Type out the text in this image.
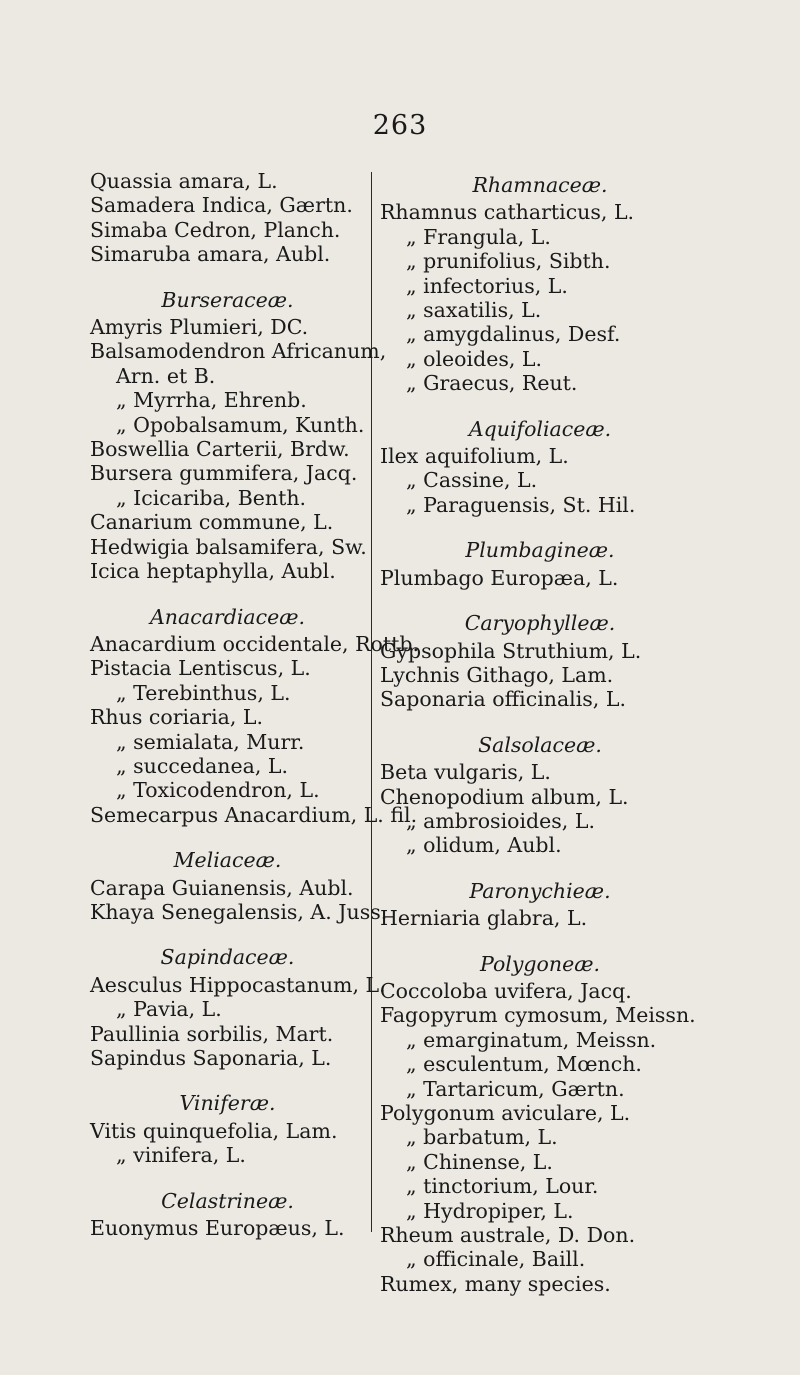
263
Quassia amara, L.
Samadera Indica, Gærtn.
Simaba Cedron, Planch.
Simaruba amara, Aubl.
Burseraceæ.
Amyris Plumieri, DC.
Balsamodendron Africanum,
Arn. et B.
„ Myrrha, Ehrenb.
„ Opobalsamum, Kunth.
Boswellia Carterii, Brdw.
Bursera gummifera, Jacq.
„ Icicariba, Benth.
Canarium commune, L.
Hedwigia balsamifera, Sw.
Icica heptaphylla, Aubl.
Anacardiaceæ.
Anacardium occidentale, Rottb.
Pistacia Lentiscus, L.
„ Terebinthus, L.
Rhus coriaria, L.
„ semialata, Murr.
„ succedanea, L.
„ Toxicodendron, L.
Semecarpus Anacardium, L. fil.
Meliaceæ.
Carapa Guianensis, Aubl.
Khaya Senegalensis, A. Juss.
Sapindaceæ.
Aesculus Hippocastanum, L.
„ Pavia, L.
Paullinia sorbilis, Mart.
Sapindus Saponaria, L.
Viniferæ.
Vitis quinquefolia, Lam.
„ vinifera, L.
Celastrineæ.
Euonymus Europæus, L.
Rhamnaceæ.
Rhamnus catharticus, L.
„ Frangula, L.
„ prunifolius, Sibth.
„ infectorius, L.
„ saxatilis, L.
„ amygdalinus, Desf.
„ oleoides, L.
„ Graecus, Reut.
Aquifoliaceæ.
Ilex aquifolium, L.
„ Cassine, L.
„ Paraguensis, St. Hil.
Plumbagineæ.
Plumbago Europæa, L.
Caryophylleæ.
Gypsophila Struthium, L.
Lychnis Githago, Lam.
Saponaria officinalis, L.
Salsolaceæ.
Beta vulgaris, L.
Chenopodium album, L.
„ ambrosioides, L.
„ olidum, Aubl.
Paronychieæ.
Herniaria glabra, L.
Polygoneæ.
Coccoloba uvifera, Jacq.
Fagopyrum cymosum, Meissn.
„ emarginatum, Meissn.
„ esculentum, Mœnch.
„ Tartaricum, Gærtn.
Polygonum aviculare, L.
„ barbatum, L.
„ Chinense, L.
„ tinctorium, Lour.
„ Hydropiper, L.
Rheum australe, D. Don.
„ officinale, Baill.
Rumex, many species.
